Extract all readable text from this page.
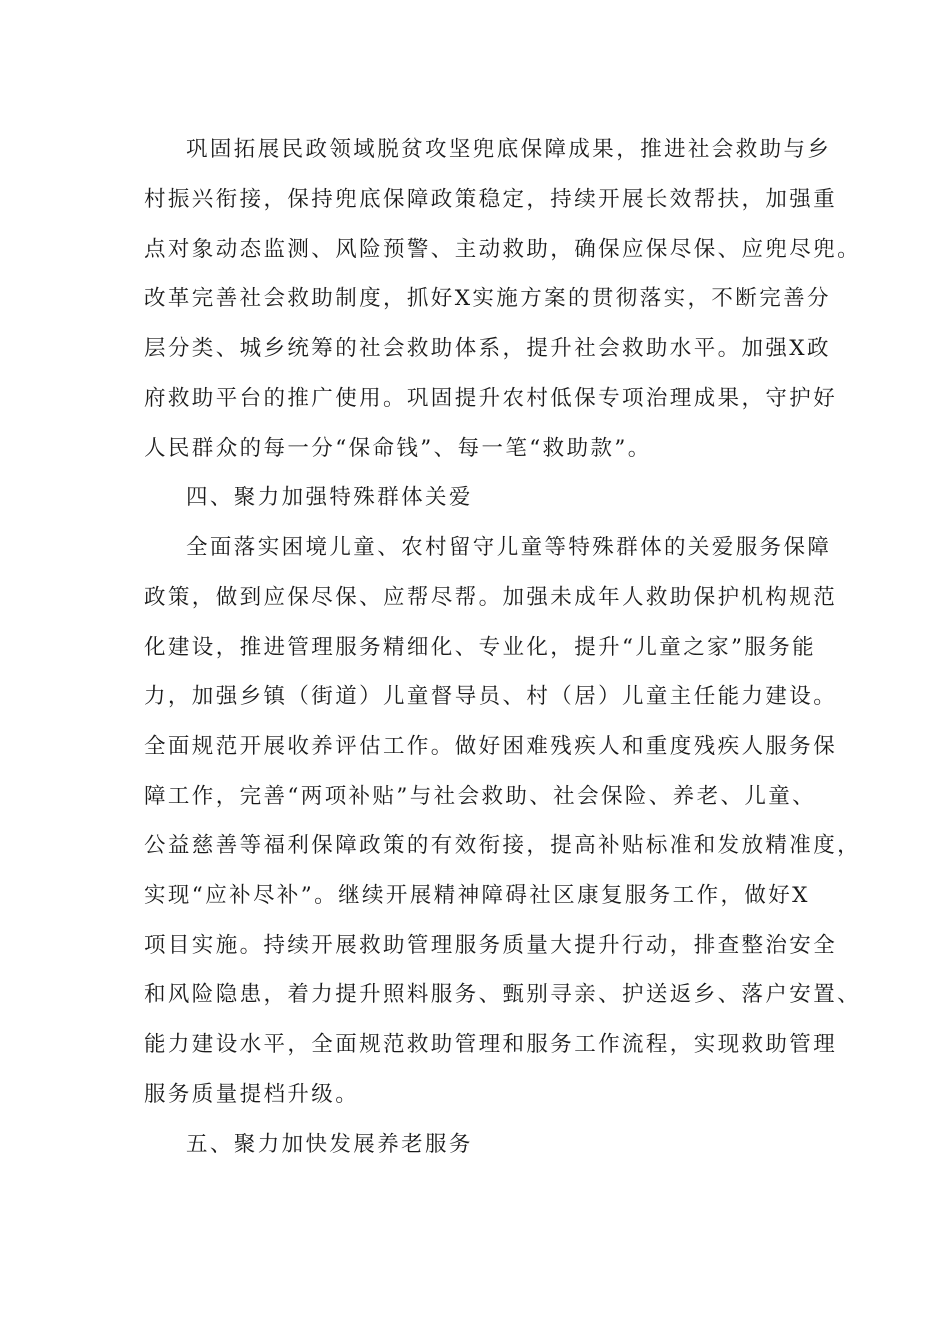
巩固拓展民政领域脱贫攻坚兜底保障成果，推进社会救助与乡
村振兴衔接，保持兜底保障政策稳定，持续开展长效帮扶，加强重
点对象动态监测、风险预警、主动救助，确保应保尽保、应兜尽兜。
改革完善社会救助制度，抓好X实施方案的贯彻落实，不断完善分
层分类、城乡统筹的社会救助体系，提升社会救助水平。加强X政
府救助平台的推广使用。巩固提升农村低保专项治理成果，守护好
人民群众的每一分“保命钱”、每一笔“救助款”。
四、聚力加强特殊群体关爱
全面落实困境儿童、农村留守儿童等特殊群体的关爱服务保障
政策，做到应保尽保、应帮尽帮。加强未成年人救助保护机构规范
化建设，推进管理服务精细化、专业化，提升“儿童之家”服务能
力，加强乡镇（街道）儿童督导员、村（居）儿童主任能力建设。
全面规范开展收养评估工作。做好困难残疾人和重度残疾人服务保
障工作，完善“两项补贴”与社会救助、社会保险、养老、儿童、
公益慈善等福利保障政策的有效衔接，提高补贴标准和发放精准度，
实现“应补尽补”。继续开展精神障碍社区康复服务工作，做好X
项目实施。持续开展救助管理服务质量大提升行动，排查整治安全
和风险隐患，着力提升照料服务、甄别寻亲、护送返乡、落户安置、
能力建设水平，全面规范救助管理和服务工作流程，实现救助管理
服务质量提档升级。
五、聚力加快发展养老服务
